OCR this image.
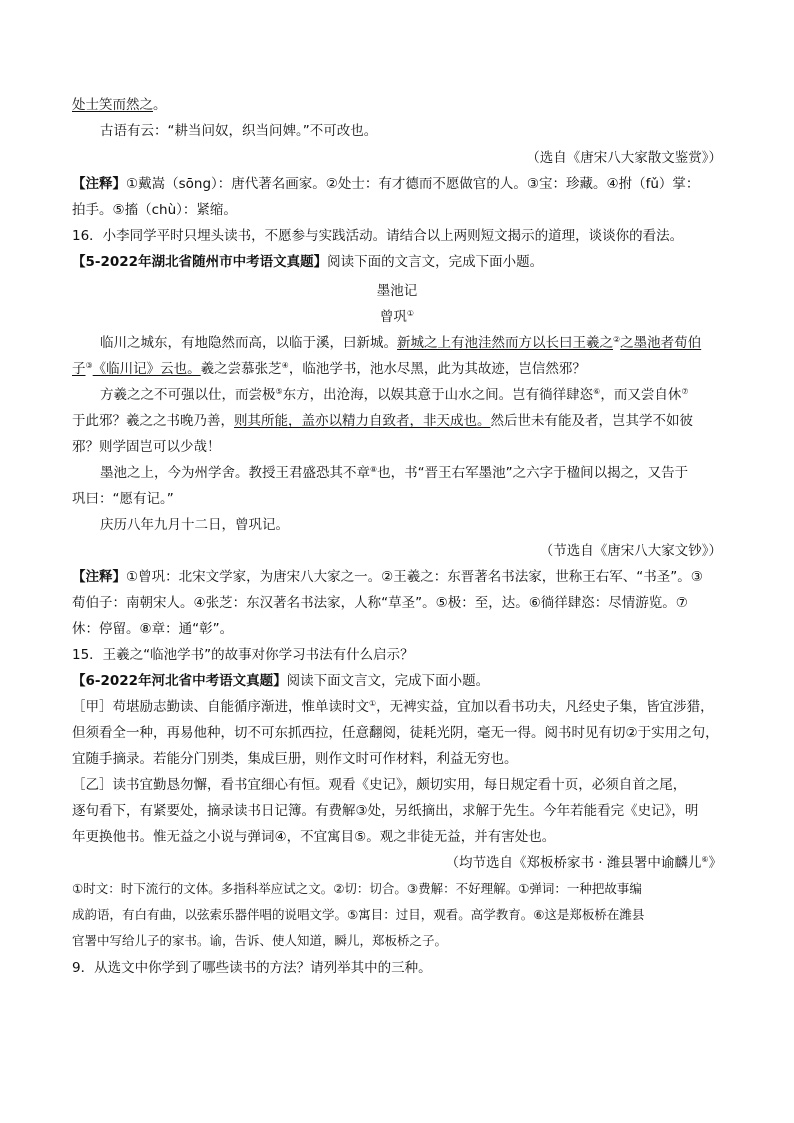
处士笑而然之。
古语有云：“耕当问奴，织当问婢。”不可改也。
（选自《唐宋八大家散文鉴赏》）
【注释】①戴嵩（sōng）：唐代著名画家。②处士：有才德而不愿做官的人。③宝：珍藏。④拊（fǔ）掌：
拍手。⑤搐（chù）：紧缩。
16．小李同学平时只埋头读书，不愿参与实践活动。请结合以上两则短文揭示的道理，谈谈你的看法。
【5-2022年湖北省随州市中考语文真题】阅读下面的文言文，完成下面小题。
墨池记
曾巩①
临川之城东，有地隐然而高，以临于溪，曰新城。新城之上有池洼然而方以长曰王羲之②之墨池者荀伯
子③《临川记》云也。羲之尝慕张芝④，临池学书，池水尽黑，此为其故迹，岂信然邪？
方羲之之不可强以仕，而尝极⑤东方，出沧海，以娱其意于山水之间。岂有徜徉肆恣⑥，而又尝自休⑦
于此邪？羲之之书晚乃善，则其所能，盖亦以精力自致者，非天成也。然后世未有能及者，岂其学不如彼
邪？则学固岂可以少哉！
墨池之上，今为州学舍。教授王君盛恐其不章⑧也，书“晋王右军墨池”之六字于楹间以揭之，又告于
巩曰：“愿有记。”
庆历八年九月十二日，曾巩记。
（节选自《唐宋八大家文钞》）
【注释】①曾巩：北宋文学家，为唐宋八大家之一。②王羲之：东晋著名书法家，世称王右军、“书圣”。③
荀伯子：南朝宋人。④张芝：东汉著名书法家，人称“草圣”。⑤极：至，达。⑥徜徉肆恣：尽情游览。⑦
休：停留。⑧章：通“彰”。
15．王羲之“临池学书”的故事对你学习书法有什么启示？
【6-2022年河北省中考语文真题】阅读下面文言文，完成下面小题。
［甲］苟堪励志勤读、自能循序渐进，惟单读时文①，无裨实益，宜加以看书功夫，凡经史子集，皆宜涉猎，
但须看全一种，再易他种，切不可东抓西拉，任意翻阅，徒耗光阴，毫无一得。阅书时见有切②于实用之句，
宜随手摘录。若能分门别类，集成巨册，则作文时可作材料，利益无穷也。
［乙］读书宜勤恳勿懈，看书宜细心有恒。观看《史记》，颇切实用，每日规定看十页，必须自首之尾，
逐句看下，有紧要处，摘录读书日记簿。有费解③处，另纸摘出，求解于先生。今年若能看完《史记》，明
年更换他书。惟无益之小说与弹词④，不宜寓目⑤。观之非徒无益，并有害处也。
（均节选自《郑板桥家书 · 潍县署中谕麟儿⑥》
①时文：时下流行的文体。多指科举应试之文。②切：切合。③费解：不好理解。①弹词：一种把故事编
成韵语，有白有曲，以弦索乐器伴唱的说唱文学。⑤寓目：过目，观看。高学教育。⑥这是郑板桥在潍县
官署中写给儿子的家书。谕，告诉、使人知道，瞬儿，郑板桥之子。
9．从选文中你学到了哪些读书的方法？请列举其中的三种。
